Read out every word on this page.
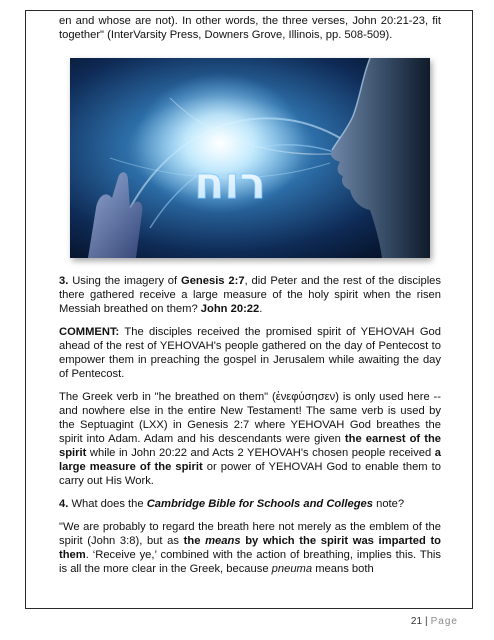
en and whose are not). In other words, the three verses, John 20:21-23, fit together" (InterVarsity Press, Downers Grove, Illinois, pp. 508-509).

רוח

3. Using the imagery of Genesis 2:7, did Peter and the rest of the disciples there gathered receive a large measure of the holy spirit when the risen Messiah breathed on them? John 20:22.

COMMENT: The disciples received the promised spirit of YEHOVAH God ahead of the rest of YEHOVAH's people gathered on the day of Pentecost to empower them in preaching the gospel in Jerusalem while awaiting the day of Pentecost.

The Greek verb in "he breathed on them" (ἐνεφύσησεν) is only used here -- and nowhere else in the entire New Testament! The same verb is used by the Septuagint (LXX) in Genesis 2:7 where YEHOVAH God breathes the spirit into Adam. Adam and his descendants were given the earnest of the spirit while in John 20:22 and Acts 2 YEHOVAH's chosen people received a large measure of the spirit or power of YEHOVAH God to enable them to carry out His Work.

4. What does the Cambridge Bible for Schools and Colleges note?

"We are probably to regard the breath here not merely as the emblem of the spirit (John 3:8), but as the means by which the spirit was imparted to them. ‘Receive ye,’ combined with the action of breathing, implies this. This is all the more clear in the Greek, because pneuma means both

21 | Page
